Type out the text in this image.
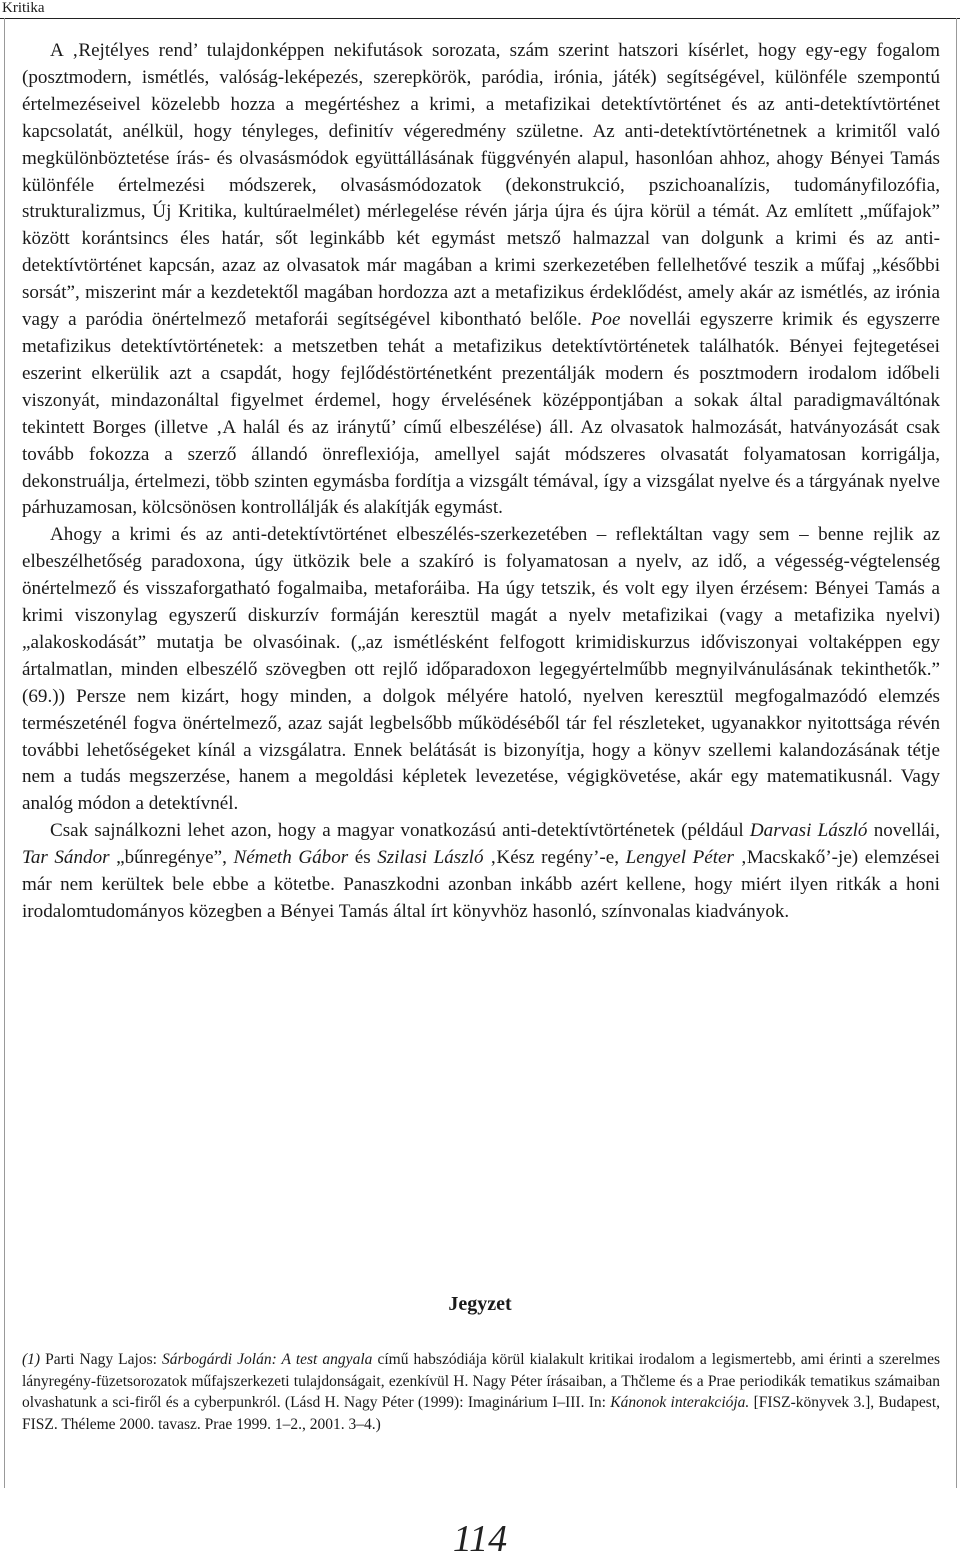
Kritika

A ‚Rejtélyes rend’ tulajdonképpen nekifutások sorozata, szám szerint hatszori kísérlet, hogy egy-egy fogalom (posztmodern, ismétlés, valóság-leképezés, szerepkörök, paródia, irónia, játék) segítségével, különféle szempontú értelmezéseivel közelebb hozza a megértéshez a krimi, a metafizikai detektívtörténet és az anti-detektívtörténet kapcsolatát, anélkül, hogy tényleges, definitív végeredmény születne. Az anti-detektívtörténetnek a krimitől való megkülönböztetése írás- és olvasásmódok együttállásának függvényén alapul, hasonlóan ahhoz, ahogy Bényei Tamás különféle értelmezési módszerek, olvasásmódozatok (dekonstrukció, pszichoanalízis, tudományfilozófia, strukturalizmus, Új Kritika, kultúraelmélet) mérlegelése révén járja újra és újra körül a témát. Az említett „műfajok” között korántsincs éles határ, sőt leginkább két egymást metsző halmazzal van dolgunk a krimi és az anti-detektívtörténet kapcsán, azaz az olvasatok már magában a krimi szerkezetében fellelhetővé teszik a műfaj „későbbi sorsát”, miszerint már a kezdetektől magában hordozza azt a metafizikus érdeklődést, amely akár az ismétlés, az irónia vagy a paródia önértelmező metaforái segítségével kibontható belőle. Poe novellái egyszerre krimik és egyszerre metafizikus detektívtörténetek: a metszetben tehát a metafizikus detektívtörténetek találhatók. Bényei fejtegetései eszerint elkerülik azt a csapdát, hogy fejlődéstörténetként prezentálják modern és posztmodern irodalom időbeli viszonyát, mindazonáltal figyelmet érdemel, hogy érvelésének középpontjában a sokak által paradigmaváltónak tekintett Borges (illetve ‚A halál és az iránytű’ című elbeszélése) áll. Az olvasatok halmozását, hatványozását csak tovább fokozza a szerző állandó önreflexiója, amellyel saját módszeres olvasatát folyamatosan korrigálja, dekonstruálja, értelmezi, több szinten egymásba fordítja a vizsgált témával, így a vizsgálat nyelve és a tárgyának nyelve párhuzamosan, kölcsönösen kontrollálják és alakítják egymást.

Ahogy a krimi és az anti-detektívtörténet elbeszélés-szerkezetében – reflektáltan vagy sem – benne rejlik az elbeszélhetőség paradoxona, úgy ütközik bele a szakíró is folyamatosan a nyelv, az idő, a végesség-végtelenség önértelmező és visszaforgatható fogalmaiba, metaforáiba. Ha úgy tetszik, és volt egy ilyen érzésem: Bényei Tamás a krimi viszonylag egyszerű diskurzív formáján keresztül magát a nyelv metafizikai (vagy a metafizika nyelvi) „alakoskodását” mutatja be olvasóinak. („az ismétlésként felfogott krimidiskurzus időviszonyai voltaképpen egy ártalmatlan, minden elbeszélő szövegben ott rejlő időparadoxon legegyértelműbb megnyilvánulásának tekinthetők.” (69.)) Persze nem kizárt, hogy minden, a dolgok mélyére hatoló, nyelven keresztül megfogalmazódó elemzés természeténél fogva önértelmező, azaz saját legbelsőbb működéséből tár fel részleteket, ugyanakkor nyitottsága révén további lehetőségeket kínál a vizsgálatra. Ennek belátását is bizonyítja, hogy a könyv szellemi kalandozásának tétje nem a tudás megszerzése, hanem a megoldási képletek levezetése, végigkövetése, akár egy matematikusnál. Vagy analóg módon a detektívnél.

Csak sajnálkozni lehet azon, hogy a magyar vonatkozású anti-detektívtörténetek (például Darvasi László novellái, Tar Sándor „bűnregénye”, Németh Gábor és Szilasi László ‚Kész regény’-e, Lengyel Péter ‚Macskakő’-je) elemzései már nem kerültek bele ebbe a kötetbe. Panaszkodni azonban inkább azért kellene, hogy miért ilyen ritkák a honi irodalomtudományos közegben a Bényei Tamás által írt könyvhöz hasonló, színvonalas kiadványok.

Jegyzet

(1) Parti Nagy Lajos: Sárbogárdi Jolán: A test angyala című habszódiája körül kialakult kritikai irodalom a legismertebb, ami érinti a szerelmes lányregény-füzetsorozatok műfajszerkezeti tulajdonságait, ezenkívül H. Nagy Péter írásaiban, a Thčleme és a Prae periodikák tematikus számaiban olvashatunk a sci-firől és a cyberpunkról. (Lásd H. Nagy Péter (1999): Imaginárium I–III. In: Kánonok interakciója. [FISZ-könyvek 3.], Budapest, FISZ. Théleme 2000. tavasz. Prae 1999. 1–2., 2001. 3–4.)

114
